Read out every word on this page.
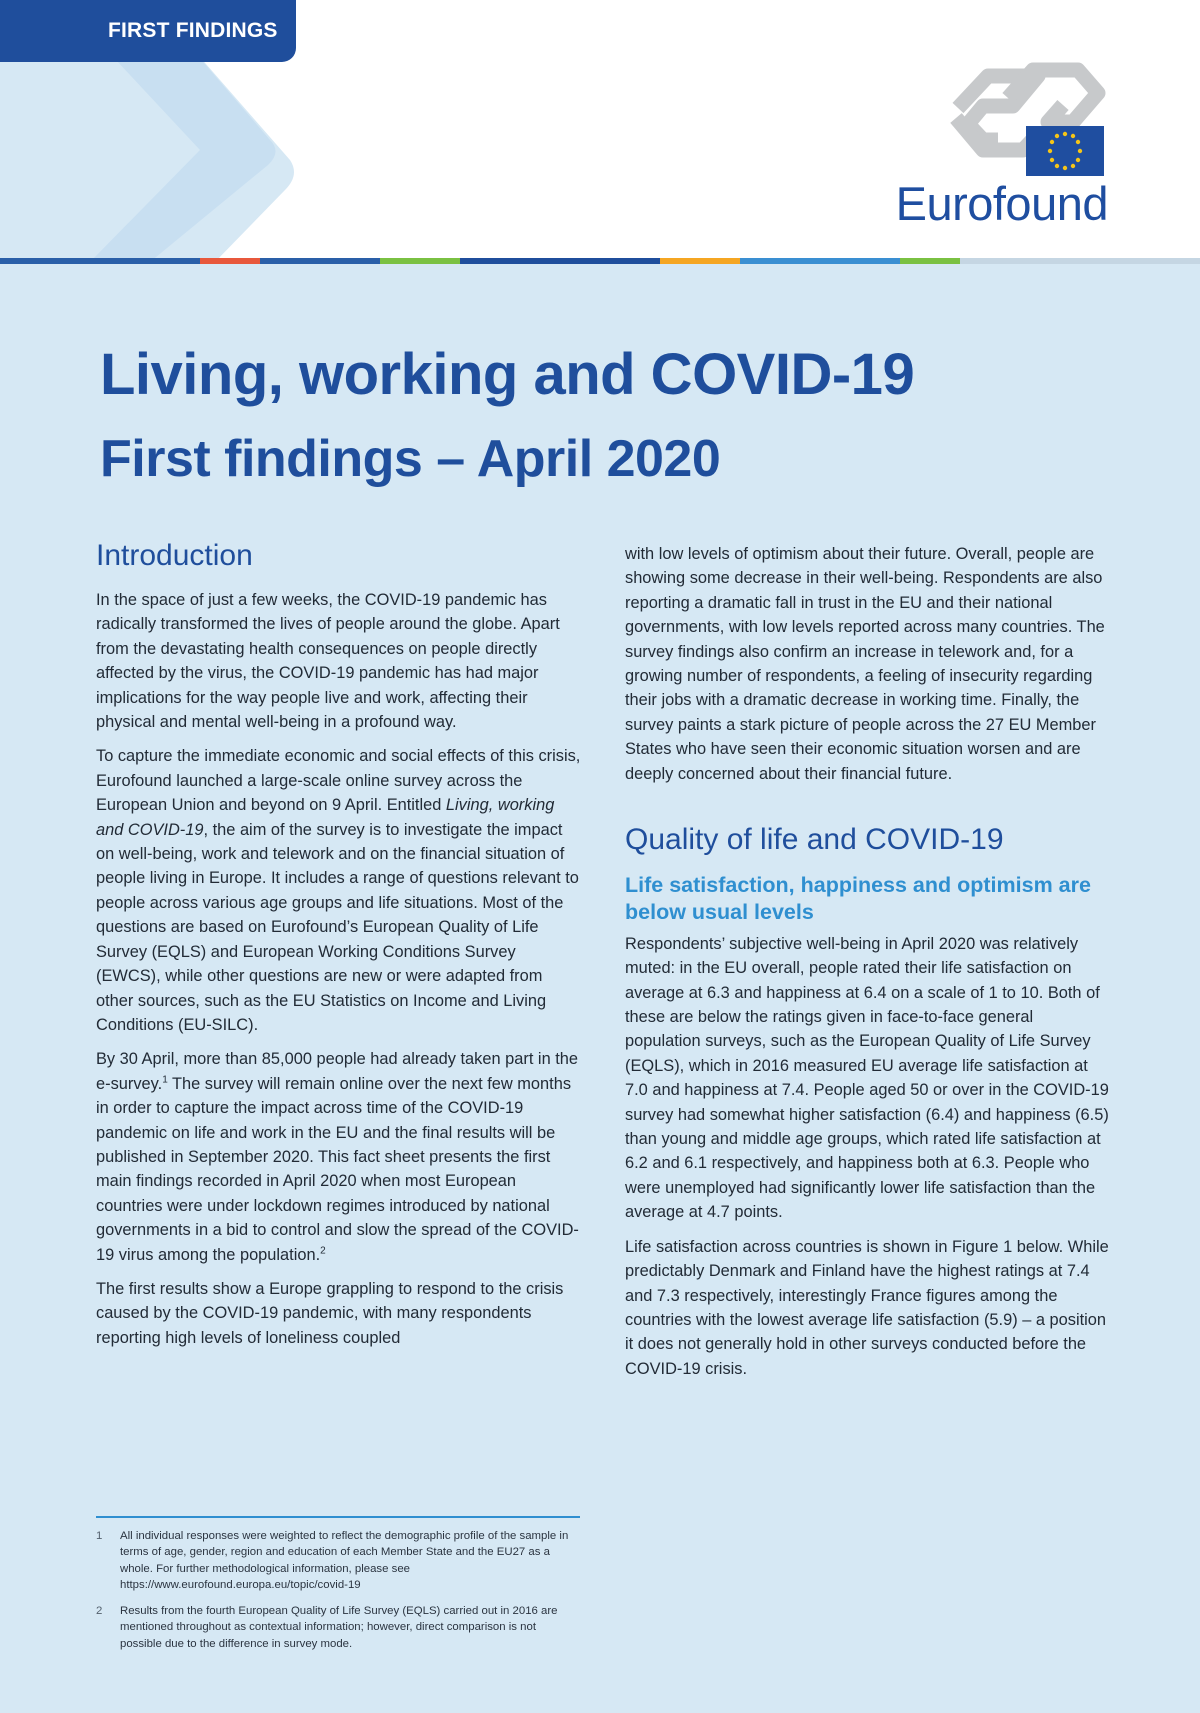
FIRST FINDINGS
Eurofound
Living, working and COVID-19
First findings – April 2020
Introduction

In the space of just a few weeks, the COVID-19 pandemic has radically transformed the lives of people around the globe. Apart from the devastating health consequences on people directly affected by the virus, the COVID-19 pandemic has had major implications for the way people live and work, affecting their physical and mental well-being in a profound way.

To capture the immediate economic and social effects of this crisis, Eurofound launched a large-scale online survey across the European Union and beyond on 9 April. Entitled Living, working and COVID-19, the aim of the survey is to investigate the impact on well-being, work and telework and on the financial situation of people living in Europe. It includes a range of questions relevant to people across various age groups and life situations. Most of the questions are based on Eurofound’s European Quality of Life Survey (EQLS) and European Working Conditions Survey (EWCS), while other questions are new or were adapted from other sources, such as the EU Statistics on Income and Living Conditions (EU-SILC).

By 30 April, more than 85,000 people had already taken part in the e-survey.$^1$ The survey will remain online over the next few months in order to capture the impact across time of the COVID-19 pandemic on life and work in the EU and the final results will be published in September 2020. This fact sheet presents the first main findings recorded in April 2020 when most European countries were under lockdown regimes introduced by national governments in a bid to control and slow the spread of the COVID-19 virus among the population.$^2$

The first results show a Europe grappling to respond to the crisis caused by the COVID-19 pandemic, with many respondents reporting high levels of loneliness coupled

with low levels of optimism about their future. Overall, people are showing some decrease in their well-being. Respondents are also reporting a dramatic fall in trust in the EU and their national governments, with low levels reported across many countries. The survey findings also confirm an increase in telework and, for a growing number of respondents, a feeling of insecurity regarding their jobs with a dramatic decrease in working time. Finally, the survey paints a stark picture of people across the 27 EU Member States who have seen their economic situation worsen and are deeply concerned about their financial future.

Quality of life and COVID-19
Life satisfaction, happiness and optimism are below usual levels

Respondents’ subjective well-being in April 2020 was relatively muted: in the EU overall, people rated their life satisfaction on average at 6.3 and happiness at 6.4 on a scale of 1 to 10. Both of these are below the ratings given in face-to-face general population surveys, such as the European Quality of Life Survey (EQLS), which in 2016 measured EU average life satisfaction at 7.0 and happiness at 7.4. People aged 50 or over in the COVID-19 survey had somewhat higher satisfaction (6.4) and happiness (6.5) than young and middle age groups, which rated life satisfaction at 6.2 and 6.1 respectively, and happiness both at 6.3. People who were unemployed had significantly lower life satisfaction than the average at 4.7 points.

Life satisfaction across countries is shown in Figure 1 below. While predictably Denmark and Finland have the highest ratings at 7.4 and 7.3 respectively, interestingly France figures among the countries with the lowest average life satisfaction (5.9) – a position it does not generally hold in other surveys conducted before the COVID-19 crisis.

1	All individual responses were weighted to reflect the demographic profile of the sample in terms of age, gender, region and education of each Member State and the EU27 as a whole. For further methodological information, please see https://www.eurofound.europa.eu/topic/covid-19
2	Results from the fourth European Quality of Life Survey (EQLS) carried out in 2016 are mentioned throughout as contextual information; however, direct comparison is not possible due to the difference in survey mode.
